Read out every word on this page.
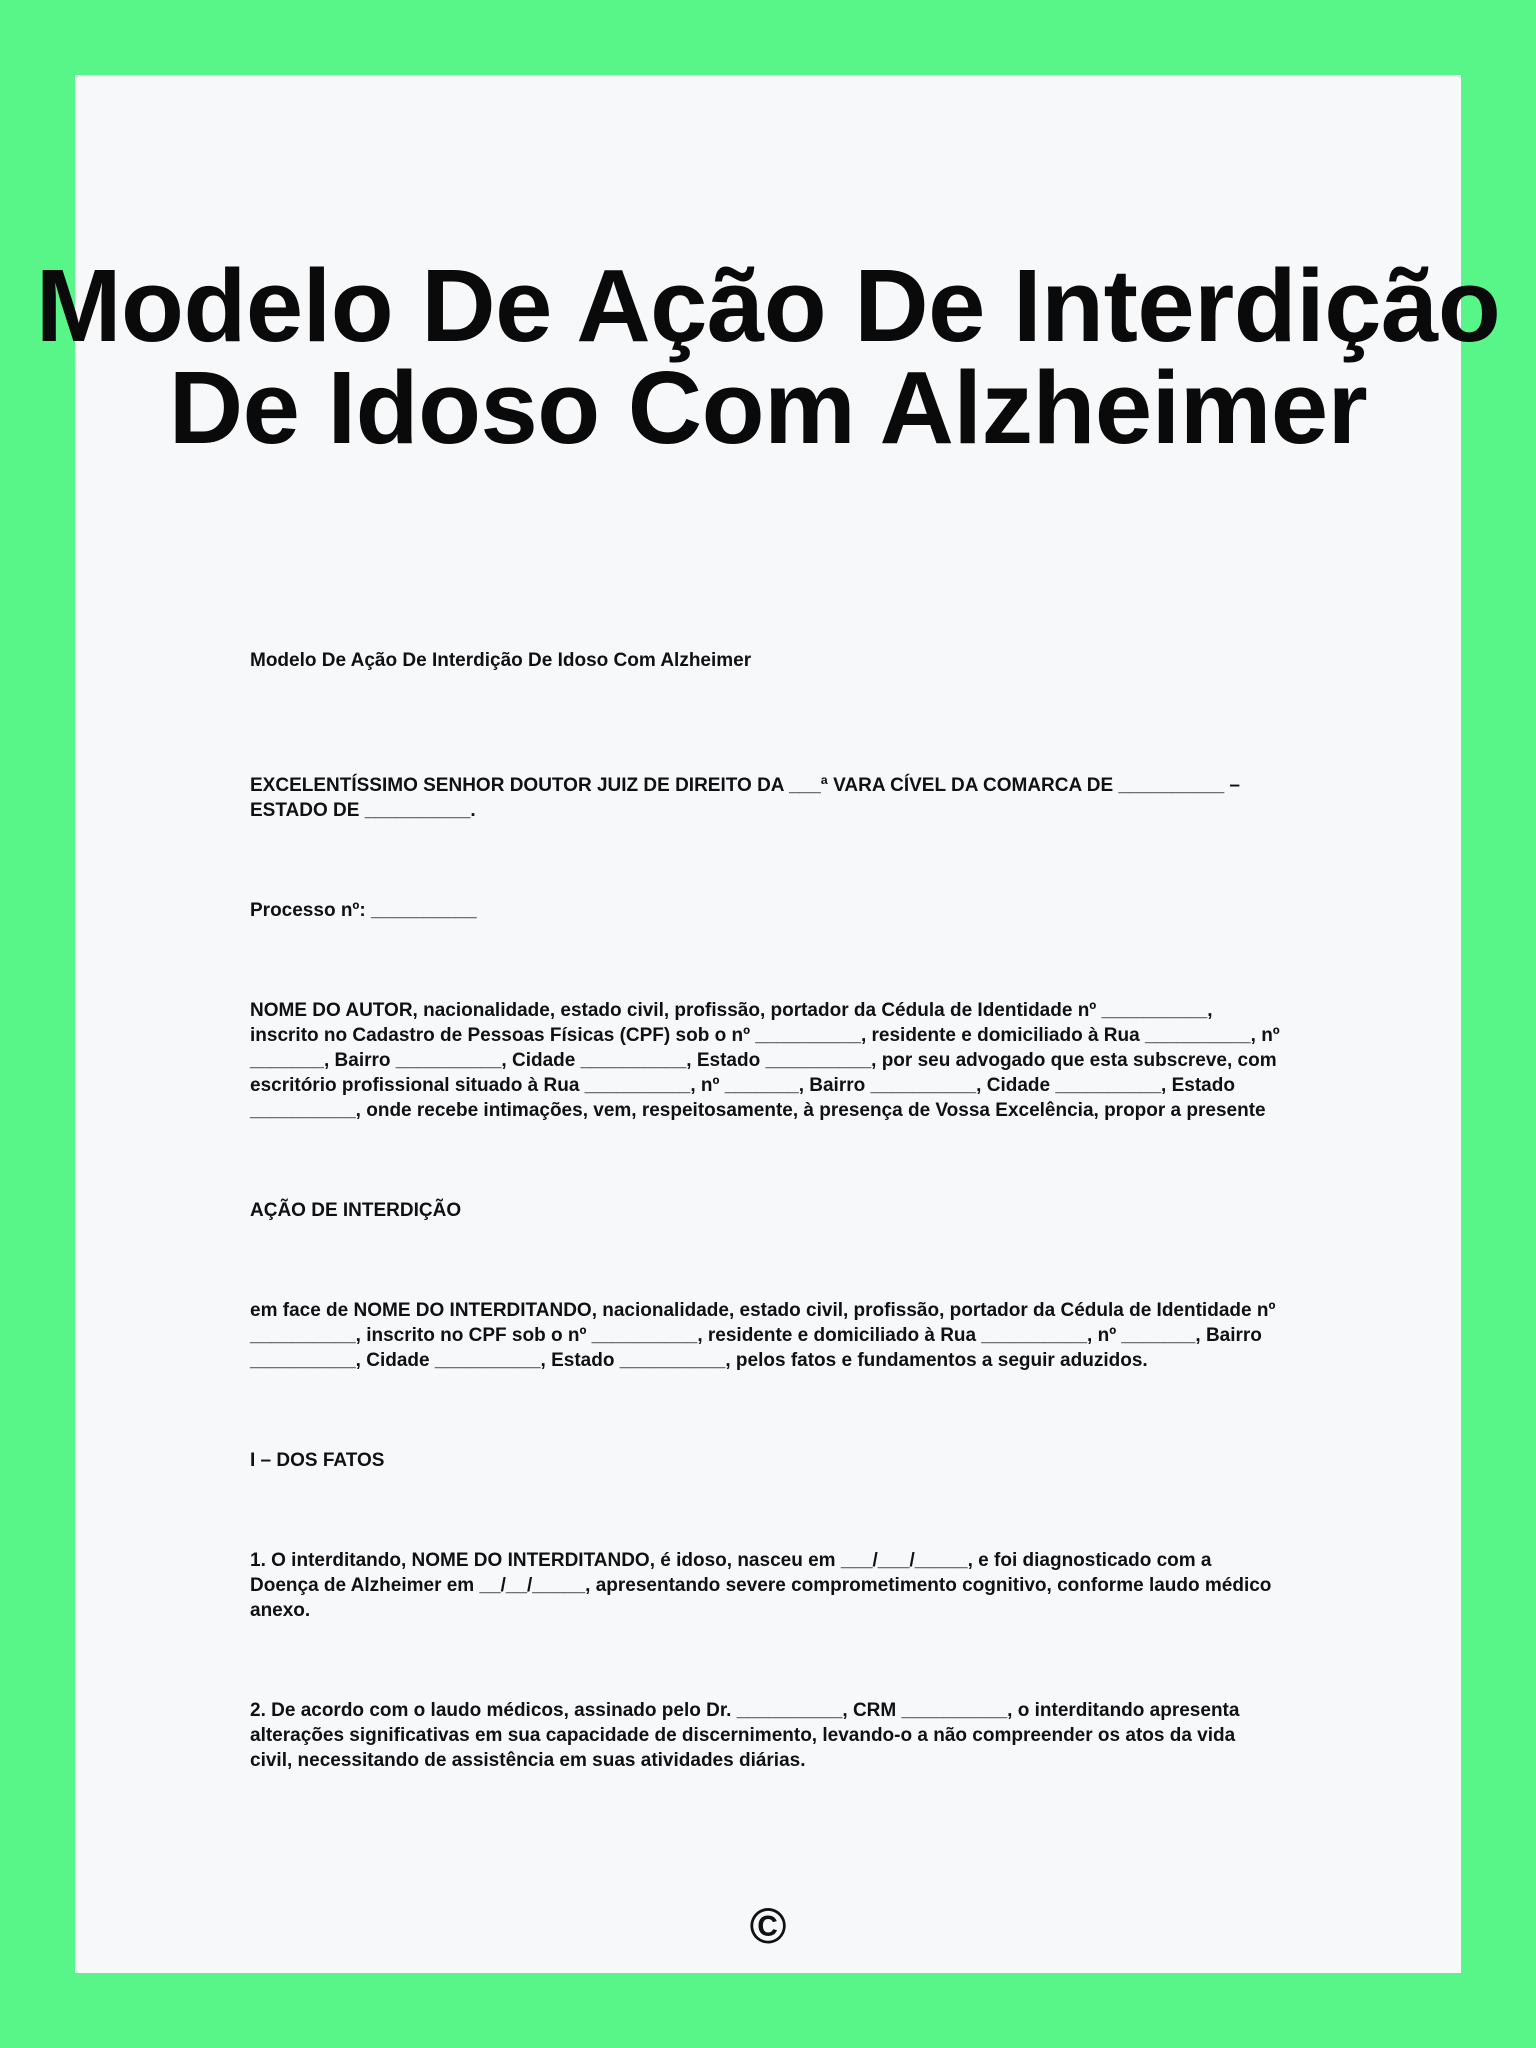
Modelo De Ação De Interdição De Idoso Com Alzheimer

Modelo De Ação De Interdição De Idoso Com Alzheimer

EXCELENTÍSSIMO SENHOR DOUTOR JUIZ DE DIREITO DA ___ª VARA CÍVEL DA COMARCA DE __________ – ESTADO DE __________.

Processo nº: __________

NOME DO AUTOR, nacionalidade, estado civil, profissão, portador da Cédula de Identidade nº __________, inscrito no Cadastro de Pessoas Físicas (CPF) sob o nº __________, residente e domiciliado à Rua __________, nº _______, Bairro __________, Cidade __________, Estado __________, por seu advogado que esta subscreve, com escritório profissional situado à Rua __________, nº _______, Bairro __________, Cidade __________, Estado __________, onde recebe intimações, vem, respeitosamente, à presença de Vossa Excelência, propor a presente

AÇÃO DE INTERDIÇÃO

em face de NOME DO INTERDITANDO, nacionalidade, estado civil, profissão, portador da Cédula de Identidade nº __________, inscrito no CPF sob o nº __________, residente e domiciliado à Rua __________, nº _______, Bairro __________, Cidade __________, Estado __________, pelos fatos e fundamentos a seguir aduzidos.

I – DOS FATOS

1. O interditando, NOME DO INTERDITANDO, é idoso, nasceu em ___/___/_____, e foi diagnosticado com a Doença de Alzheimer em __/__/_____, apresentando severe comprometimento cognitivo, conforme laudo médico anexo.

2. De acordo com o laudo médicos, assinado pelo Dr. __________, CRM __________, o interditando apresenta alterações significativas em sua capacidade de discernimento, levando-o a não compreender os atos da vida civil, necessitando de assistência em suas atividades diárias.

©
